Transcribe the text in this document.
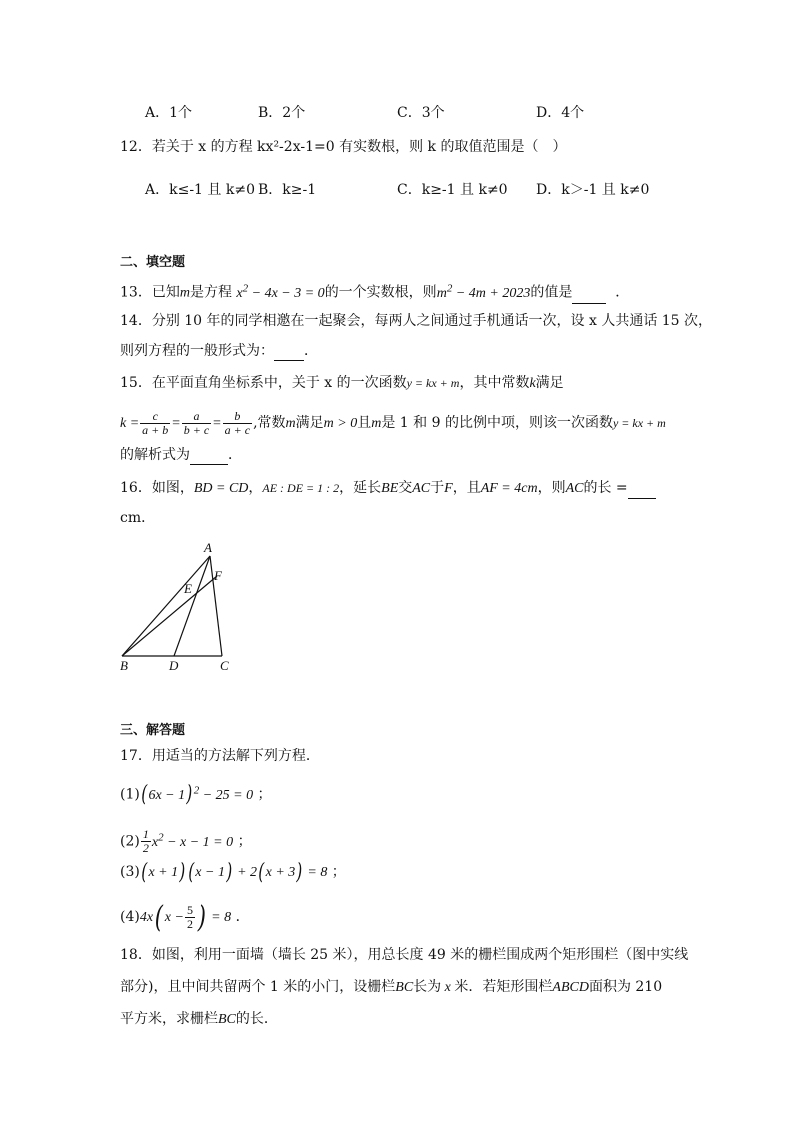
A．1个	B．2个	C．3个	D．4个
12．若关于 x 的方程 kx²-2x-1=0 有实数根，则 k 的取值范围是（　）
A．k≤-1 且 k≠0 B．k≥-1	C．k≥-1 且 k≠0 D．k＞-1 且 k≠0
二、填空题
13．已知m是方程 $x^2 - 4x - 3 = 0$的一个实数根，则$m^2 - 4m + 2023$的值是	．
14．分别 10 年的同学相邀在一起聚会，每两人之间通过手机通话一次，设 x 人共通话 15 次，
则列方程的一般形式为： ．
15．在平面直角坐标系中，关于 x 的一次函数y = kx + m，其中常数k满足
$k = \frac{c}{a + b} = \frac{a}{b + c} = \frac{b}{a + c}$ ,常数m满足m > 0且m是 1 和 9 的比例中项，则该一次函数y = kx + m
的解析式为	．
16．如图，BD = CD，AE : DE = 1 : 2，延长BE交AC于F，且AF = 4cm，则AC的长 =
cm．
A
F
E
B	D	C
三、解答题
17．用适当的方法解下列方程．
$(1)(6x - 1)^2 - 25 = 0$ ；
$(2) \frac{1}{2} x^2 - x - 1 = 0$ ；
(3)(x + 1) (x − 1) + 2(x + 3) = 8 ；
(4)4x( $x - \frac{5}{2}$ ) = 8 ．
18．如图，利用一面墙（墙长 25 米），用总长度 49 米的栅栏围成两个矩形围栏（图中实线
部分)，且中间共留两个 1 米的小门，设栅栏BC长为 x 米．若矩形围栏ABCD面积为 210
平方米，求栅栏BC的长．
